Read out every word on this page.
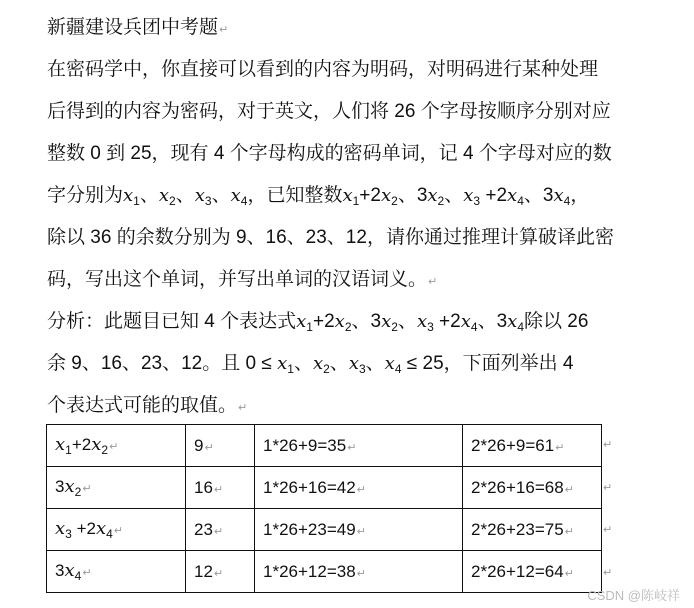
新疆建设兵团中考题↵
在密码学中，你直接可以看到的内容为明码，对明码进行某种处理
后得到的内容为密码，对于英文，人们将 26 个字母按顺序分别对应
整数 0 到 25，现有 4 个字母构成的密码单词，记 4 个字母对应的数
字分别为$x_1$、$x_2$、$x_3$、$x_4$，已知整数$x_1+2x_2$、$3x_2$、$x_3 +2x_4$、$3x_4$，
除以 36 的余数分别为 9、16、23、12，请你通过推理计算破译此密
码，写出这个单词，并写出单词的汉语词义。↵
分析：此题目已知 4 个表达式$x_1+2x_2$、$3x_2$、$x_3 +2x_4$、$3x_4$除以 26
余 9、16、23、12。且 $0 \le x_1$、$x_2$、$x_3$、$x_4 \le 25$，下面列举出 4
个表达式可能的取值。↵
$x_1+2x_2↵$	9↵	1*26+9=35↵	2*26+9=61↵
$3x_2↵$	16↵	1*26+16=42↵	2*26+16=68↵
$x_3$ $+2x_4↵$	23↵	1*26+23=49↵	2*26+23=75↵
$3x_4↵$	12↵	1*26+12=38↵	2*26+12=64↵
CSDN @陈岐祥
↵
↵
↵
↵
